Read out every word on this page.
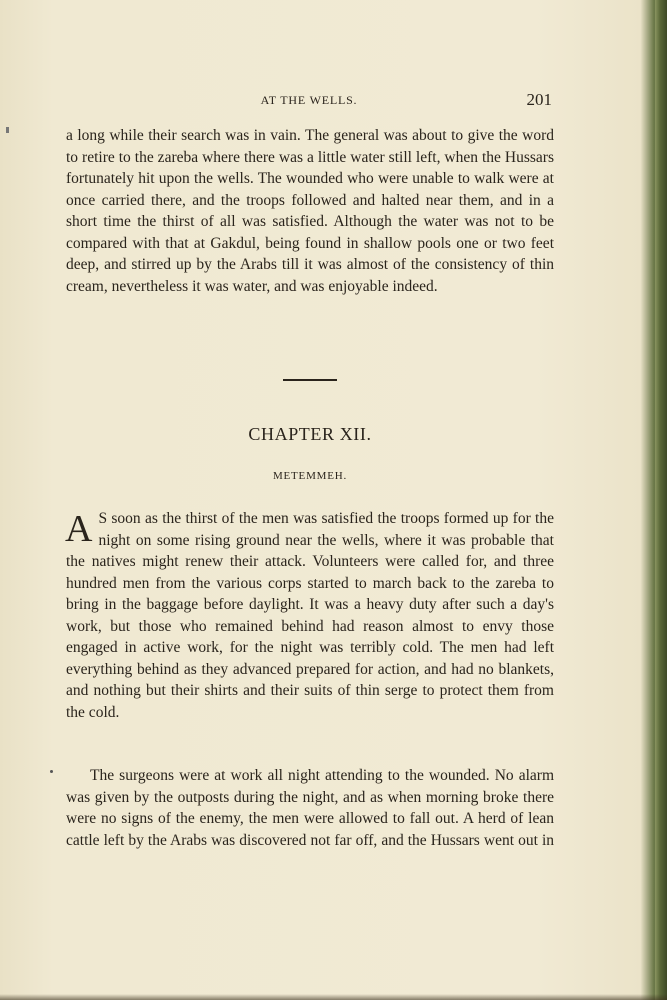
AT THE WELLS.	201

a long while their search was in vain. The general was about to give the word to retire to the zareba where there was a little water still left, when the Hussars fortunately hit upon the wells. The wounded who were unable to walk were at once carried there, and the troops followed and halted near them, and in a short time the thirst of all was satisfied. Although the water was not to be compared with that at Gakdul, being found in shallow pools one or two feet deep, and stirred up by the Arabs till it was almost of the consistency of thin cream, nevertheless it was water, and was enjoyable indeed.

CHAPTER XII.
METEMMEH.

A S soon as the thirst of the men was satisfied the troops formed up for the night on some rising ground near the wells, where it was probable that the natives might renew their attack. Volunteers were called for, and three hundred men from the various corps started to march back to the zareba to bring in the baggage before daylight. It was a heavy duty after such a day's work, but those who remained behind had reason almost to envy those engaged in active work, for the night was terribly cold. The men had left everything behind as they advanced prepared for action, and had no blankets, and nothing but their shirts and their suits of thin serge to protect them from the cold.

The surgeons were at work all night attending to the wounded. No alarm was given by the outposts during the night, and as when morning broke there were no signs of the enemy, the men were allowed to fall out. A herd of lean cattle left by the Arabs was discovered not far off, and the Hussars went out in
